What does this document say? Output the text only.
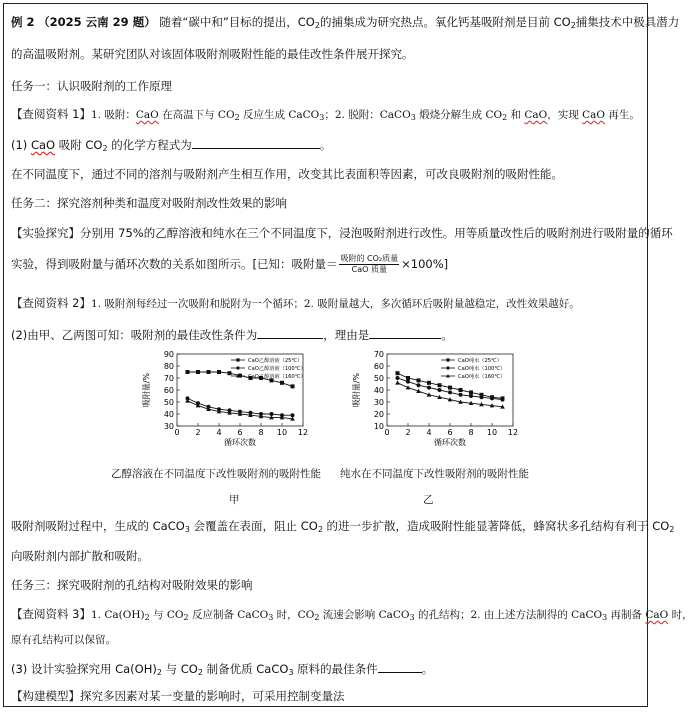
例 2 （2025 云南 29 题） 随着“碳中和”目标的提出，$CO_2$的捕集成为研究热点。氧化钙基吸附剂是目前 $CO_2$捕集技术中极具潜力
的高温吸附剂。某研究团队对该固体吸附剂吸附性能的最佳改性条件展开探究。
任务一：认识吸附剂的工作原理
【查阅资料 1】1. 吸附：CaO 在高温下与 $CO_2$ 反应生成 CaCO$_3$；2. 脱附：CaCO$_3$ 煅烧分解生成 $CO_2$ 和 CaO，实现 CaO 再生。
(1) CaO 吸附 $CO_2$ 的化学方程式为	。
在不同温度下，通过不同的溶剂与吸附剂产生相互作用，改变其比表面积等因素，可改良吸附剂的吸附性能。
任务二：探究溶剂种类和温度对吸附剂改性效果的影响
【实验探究】分别用 75%的乙醇溶液和纯水在三个不同温度下，浸泡吸附剂进行改性。用等质量改性后的吸附剂进行吸附量的循环
实验，得到吸附量与循环次数的关系如图所示。[已知：吸附量＝ $\frac{\text{吸附的 CO₂质量}}{\text{CaO 质量}} \times 100\%$]
【查阅资料 2】1. 吸附剂每经过一次吸附和脱附为一个循环；2. 吸附量越大，多次循环后吸附量越稳定，改性效果越好。
(2)由甲、乙两图可知：吸附剂的最佳改性条件为	，理由是	。
30
40
50
60
70
80
90
0 2 4 6 8 10 12
循环次数
吸附量/%
CaO乙醇溶液（25℃）
CaO乙醇溶液（100℃）
CaO乙醇溶液（160℃）
10
20
30
40
50
60
70
0 2 4 6 8 10 12
循环次数
吸附量/%
CaO纯水（25℃）
CaO纯水（100℃）
CaO纯水（160℃）
乙醇溶液在不同温度下改性吸附剂的吸附性能 纯水在不同温度下改性吸附剂的吸附性能
甲	乙
吸附剂吸附过程中，生成的 CaCO$_3$ 会覆盖在表面，阻止 $CO_2$ 的进一步扩散，造成吸附性能显著降低，蜂窝状多孔结构有利于 $CO_2$
向吸附剂内部扩散和吸附。
任务三：探究吸附剂的孔结构对吸附效果的影响
【查阅资料 3】1. $Ca(OH)_2$ 与 $CO_2$ 反应制备 CaCO$_3$ 时，$CO_2$ 流速会影响 CaCO$_3$ 的孔结构；2. 由上述方法制得的 CaCO$_3$ 再制备 CaO 时，
原有孔结构可以保留。
(3) 设计实验探究用 $Ca(OH)_2$ 与 $CO_2$ 制备优质 CaCO$_3$ 原料的最佳条件	。
【构建模型】探究多因素对某一变量的影响时，可采用控制变量法
